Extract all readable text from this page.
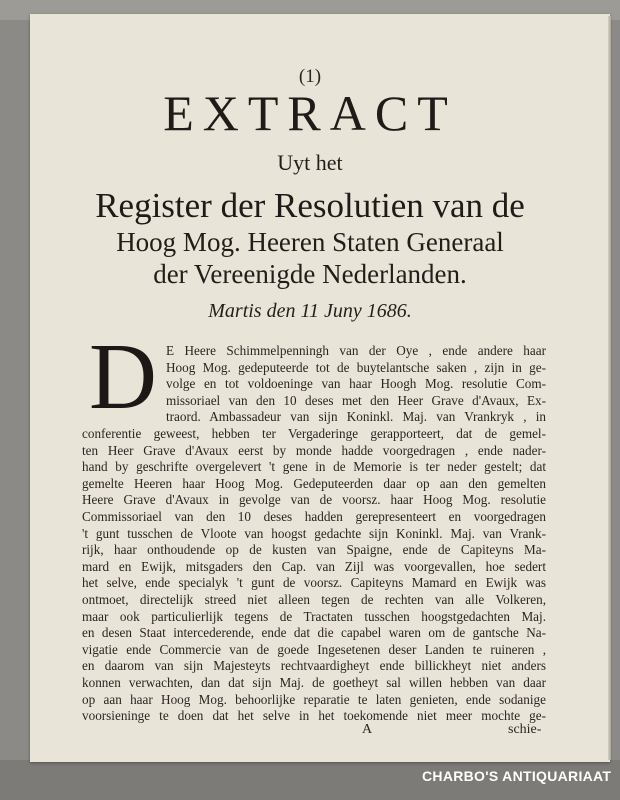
(1)
EXTRACT
Uyt het
Register der Resolutien van de
Hoog Mog. Heeren Staten Generaal
der Vereenigde Nederlanden.
Martis den 11 Juny 1686.
D
A	schie-
CHARBO'S ANTIQUARIAAT
E Heere Schimmelpenningh van der Oye , ende andere haar
Hoog Mog. gedeputeerde tot de buytelantsche saken , zijn in ge-
volge en tot voldoeninge van haar Hoogh Mog. resolutie Com-
missoriael van den 10 deses met den Heer Grave d'Avaux, Ex-
traord. Ambassadeur van sijn Koninkl. Maj. van Vrankryk , in
conferentie geweest, hebben ter Vergaderinge gerapporteert, dat de gemel-
ten Heer Grave d'Avaux eerst by monde hadde voorgedragen , ende nader-
hand by geschrifte overgelevert 't gene in de Memorie is ter neder gestelt; dat
gemelte Heeren haar Hoog Mog. Gedeputeerden daar op aan den gemelten
Heere Grave d'Avaux in gevolge van de voorsz. haar Hoog Mog. resolutie
Commissoriael van den 10 deses hadden gerepresenteert en voorgedragen
't gunt tusschen de Vloote van hoogst gedachte sijn Koninkl. Maj. van Vrank-
rijk, haar onthoudende op de kusten van Spaigne, ende de Capiteyns Ma-
mard en Ewijk, mitsgaders den Cap. van Zijl was voorgevallen, hoe sedert
het selve, ende specialyk 't gunt de voorsz. Capiteyns Mamard en Ewijk was
ontmoet, directelijk streed niet alleen tegen de rechten van alle Volkeren,
maar ook particulierlijk tegens de Tractaten tusschen hoogstgedachten Maj.
en desen Staat intercederende, ende dat die capabel waren om de gantsche Na-
vigatie ende Commercie van de goede Ingesetenen deser Landen te ruineren ,
en daarom van sijn Majesteyts rechtvaardigheyt ende billickheyt niet anders
konnen verwachten, dan dat sijn Maj. de goetheyt sal willen hebben van daar
op aan haar Hoog Mog. behoorlijke reparatie te laten genieten, ende sodanige
voorsieninge te doen dat het selve in het toekomende niet meer mochte ge-
